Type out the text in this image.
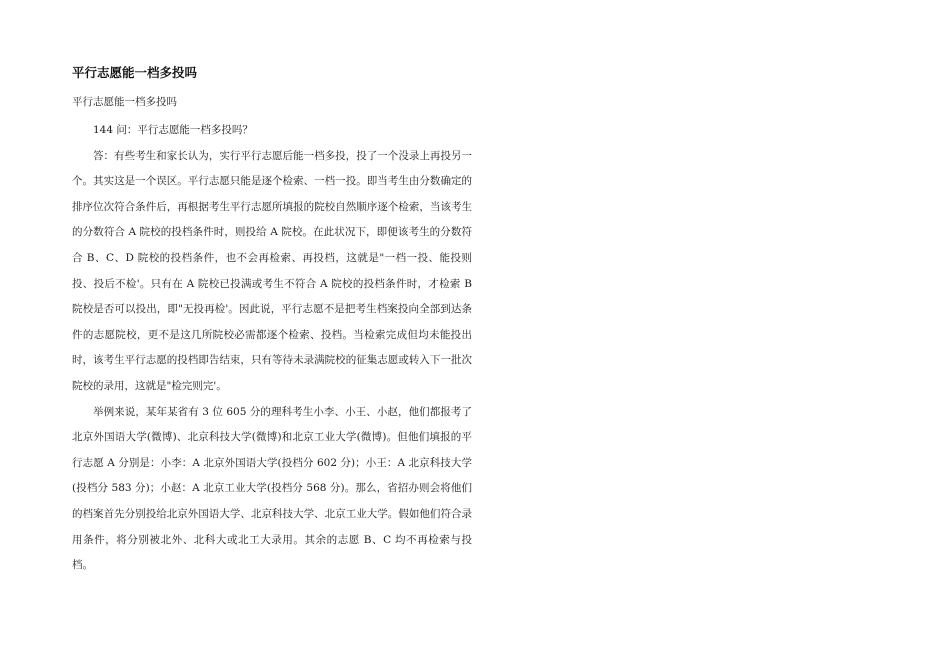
平行志愿能一档多投吗

平行志愿能一档多投吗

144 问：平行志愿能一档多投吗？

答：有些考生和家长认为，实行平行志愿后能一档多投，投了一个没录上再投另一个。其实这是一个误区。平行志愿只能是逐个检索、一档一投。即当考生由分数确定的排序位次符合条件后，再根据考生平行志愿所填报的院校自然顺序逐个检索，当该考生的分数符合 A 院校的投档条件时，则投给 A 院校。在此状况下，即便该考生的分数符合 B、C、D 院校的投档条件，也不会再检索、再投档，这就是"一档一投、能投则投、投后不检'。只有在 A 院校已投满或考生不符合 A 院校的投档条件时，才检索 B 院校是否可以投出，即"无投再检'。因此说，平行志愿不是把考生档案投向全部到达条件的志愿院校，更不是这几所院校必需都逐个检索、投档。当检索完成但均未能投出时，该考生平行志愿的投档即告结束，只有等待未录满院校的征集志愿或转入下一批次院校的录用，这就是"检完则完'。

举例来说，某年某省有 3 位 605 分的理科考生小李、小王、小赵，他们都报考了北京外国语大学(微博)、北京科技大学(微博)和北京工业大学(微博)。但他们填报的平行志愿 A 分别是：小李：A 北京外国语大学(投档分 602 分)；小王：A 北京科技大学(投档分 583 分)；小赵：A 北京工业大学(投档分 568 分)。那么，省招办则会将他们的档案首先分别投给北京外国语大学、北京科技大学、北京工业大学。假如他们符合录用条件，将分别被北外、北科大或北工大录用。其余的志愿 B、C 均不再检索与投档。
